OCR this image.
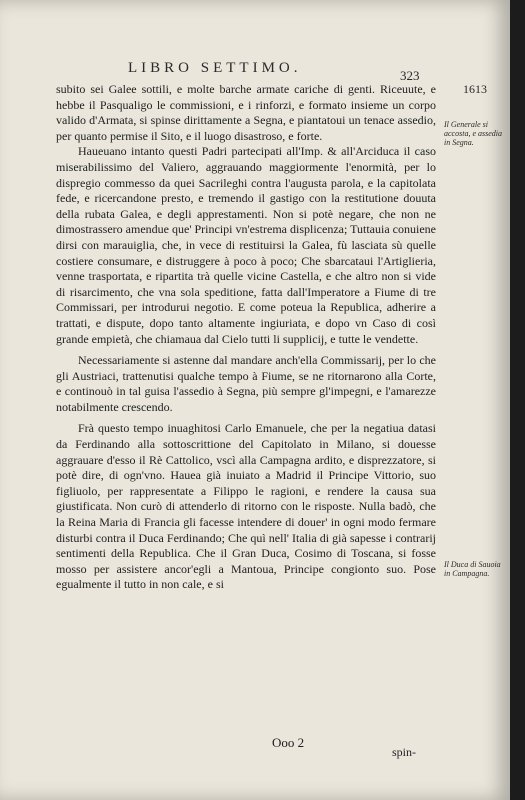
LIBRO SETTIMO.	323
1613

subito sei Galee sottili, e molte barche armate cariche di genti. Riceuute, e hebbe il Pasqualigo le commissioni, e i rinforzi, e formato insieme un corpo valido d'Armata, si spinse dirittamente a Segna, e piantatoui un tenace assedio, per quanto permise il Sito, e il luogo disastroso, e forte.

Haueuano intanto questi Padri partecipati all'Imp. & all'Arciduca il caso miserabilissimo del Valiero, aggrauando maggiormente l'enormità, per lo dispregio commesso da quei Sacrileghi contra l'augusta parola, e la capitolata fede, e ricercandone presto, e tremendo il gastigo con la restitutione douuta della rubata Galea, e degli apprestamenti. Non si potè negare, che non ne dimostrassero amendue que' Principi vn'estrema displicenza; Tuttauia conuiene dirsi con marauiglia, che, in vece di restituirsi la Galea, fù lasciata sù quelle costiere consumare, e distruggere à poco à poco; Che sbarcataui l'Artiglieria, venne trasportata, e ripartita trà quelle vicine Castella, e che altro non si vide di risarcimento, che vna sola speditione, fatta dall'Imperatore a Fiume di tre Commissari, per introdurui negotio. E come poteua la Republica, adherire a trattati, e dispute, dopo tanto altamente ingiuriata, e dopo vn Caso di così grande empietà, che chiamaua dal Cielo tutti li supplicij, e tutte le vendette.

Necessariamente si astenne dal mandare anch'ella Commissarij, per lo che gli Austriaci, trattenutisi qualche tempo à Fiume, se ne ritornarono alla Corte, e continouò in tal guisa l'assedio à Segna, più sempre gl'impegni, e l'amarezze notabilmente crescendo.

Frà questo tempo inuaghitosi Carlo Emanuele, che per la negatiua datasi da Ferdinando alla sottoscrittione del Capitolato in Milano, si douesse aggrauare d'esso il Rè Cattolico, vscì alla Campagna ardito, e disprezzatore, si potè dire, di ogn'vno. Hauea già inuiato a Madrid il Principe Vittorio, suo figliuolo, per rappresentate a Filippo le ragioni, e rendere la causa sua giustificata. Non curò di attenderlo di ritorno con le risposte. Nulla badò, che la Reina Maria di Francia gli facesse intendere di douer' in ogni modo fermare disturbi contra il Duca Ferdinando; Che quì nell' Italia di già sapesse i contrarij sentimenti della Republica. Che il Gran Duca, Cosimo di Toscana, si fosse mosso per assistere ancor'egli a Mantoua, Principe congionto suo. Pose egualmente il tutto in non cale, e si

Il Generale si accosta, e assedia in Segna.
Il Duca di Sauoia in Campagna.
Ooo 2
spin-
